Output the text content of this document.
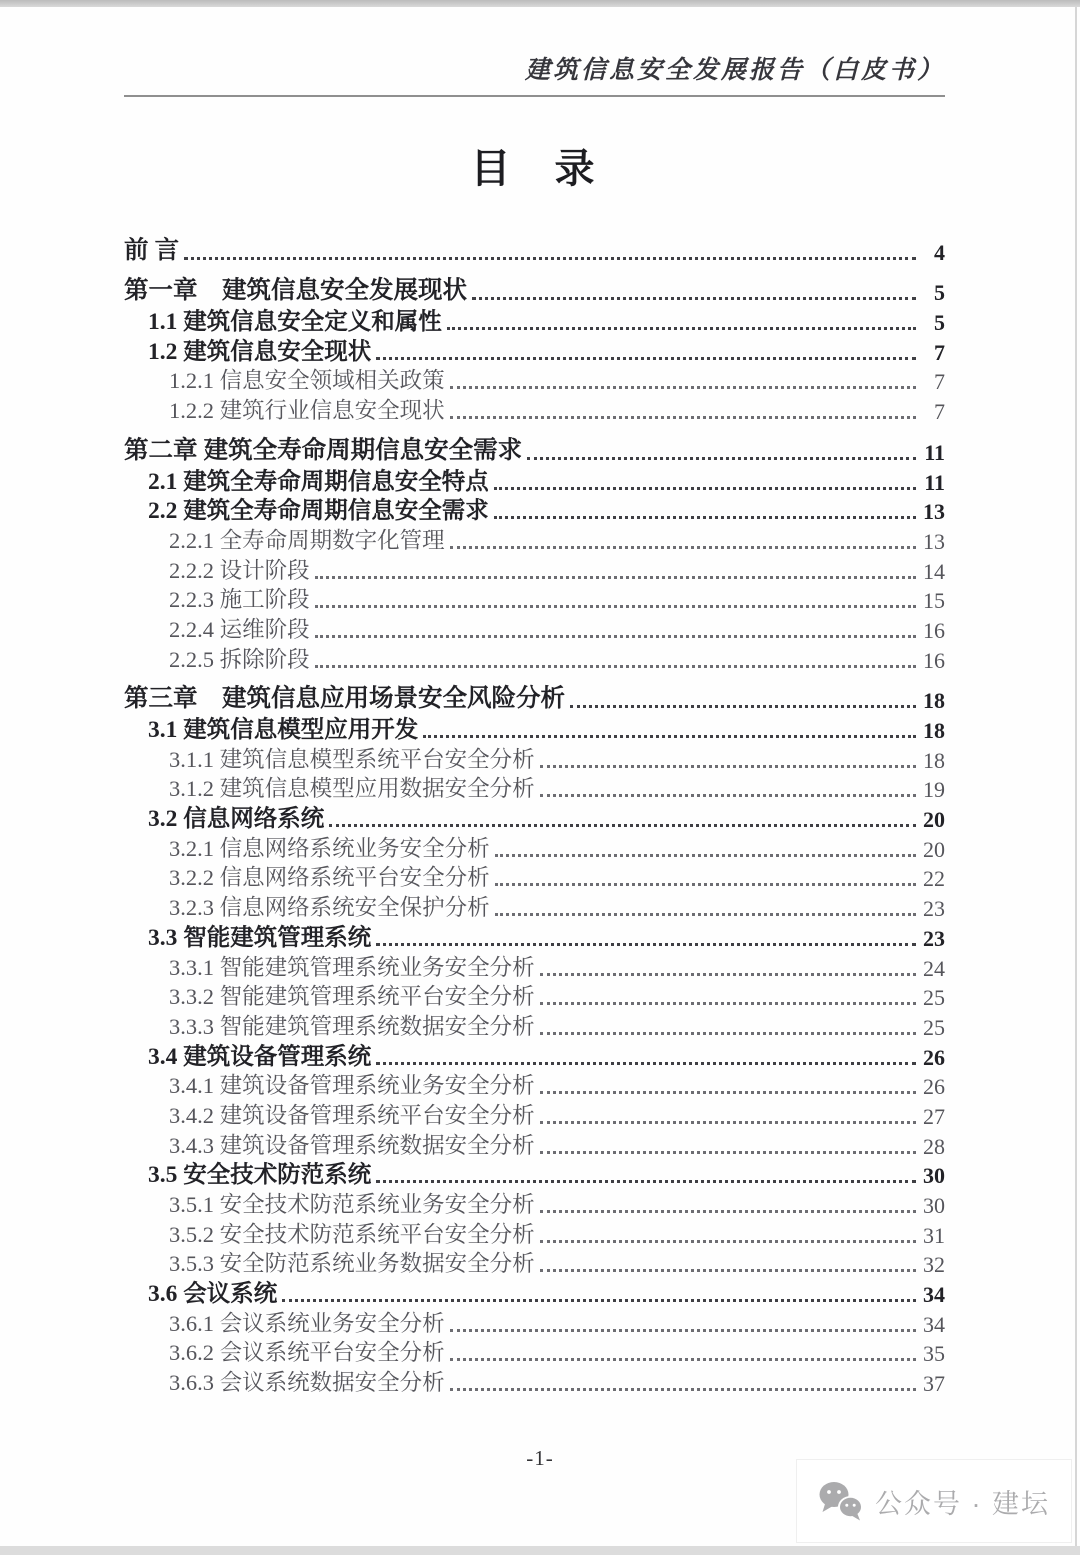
建筑信息安全发展报告（白皮书）
目 录
前 言	4
第一章　建筑信息安全发展现状	5
1.1 建筑信息安全定义和属性	5
1.2 建筑信息安全现状	7
1.2.1 信息安全领域相关政策	7
1.2.2 建筑行业信息安全现状	7
第二章 建筑全寿命周期信息安全需求	11
2.1 建筑全寿命周期信息安全特点	11
2.2 建筑全寿命周期信息安全需求	13
2.2.1 全寿命周期数字化管理	13
2.2.2 设计阶段	14
2.2.3 施工阶段	15
2.2.4 运维阶段	16
2.2.5 拆除阶段	16
第三章　建筑信息应用场景安全风险分析	18
3.1 建筑信息模型应用开发	18
3.1.1 建筑信息模型系统平台安全分析	18
3.1.2 建筑信息模型应用数据安全分析	19
3.2 信息网络系统	20
3.2.1 信息网络系统业务安全分析	20
3.2.2 信息网络系统平台安全分析	22
3.2.3 信息网络系统安全保护分析	23
3.3 智能建筑管理系统	23
3.3.1 智能建筑管理系统业务安全分析	24
3.3.2 智能建筑管理系统平台安全分析	25
3.3.3 智能建筑管理系统数据安全分析	25
3.4 建筑设备管理系统	26
3.4.1 建筑设备管理系统业务安全分析	26
3.4.2 建筑设备管理系统平台安全分析	27
3.4.3 建筑设备管理系统数据安全分析	28
3.5 安全技术防范系统	30
3.5.1 安全技术防范系统业务安全分析	30
3.5.2 安全技术防范系统平台安全分析	31
3.5.3 安全防范系统业务数据安全分析	32
3.6 会议系统	34
3.6.1 会议系统业务安全分析	34
3.6.2 会议系统平台安全分析	35
3.6.3 会议系统数据安全分析	37
-1-
公众号 · 建坛
